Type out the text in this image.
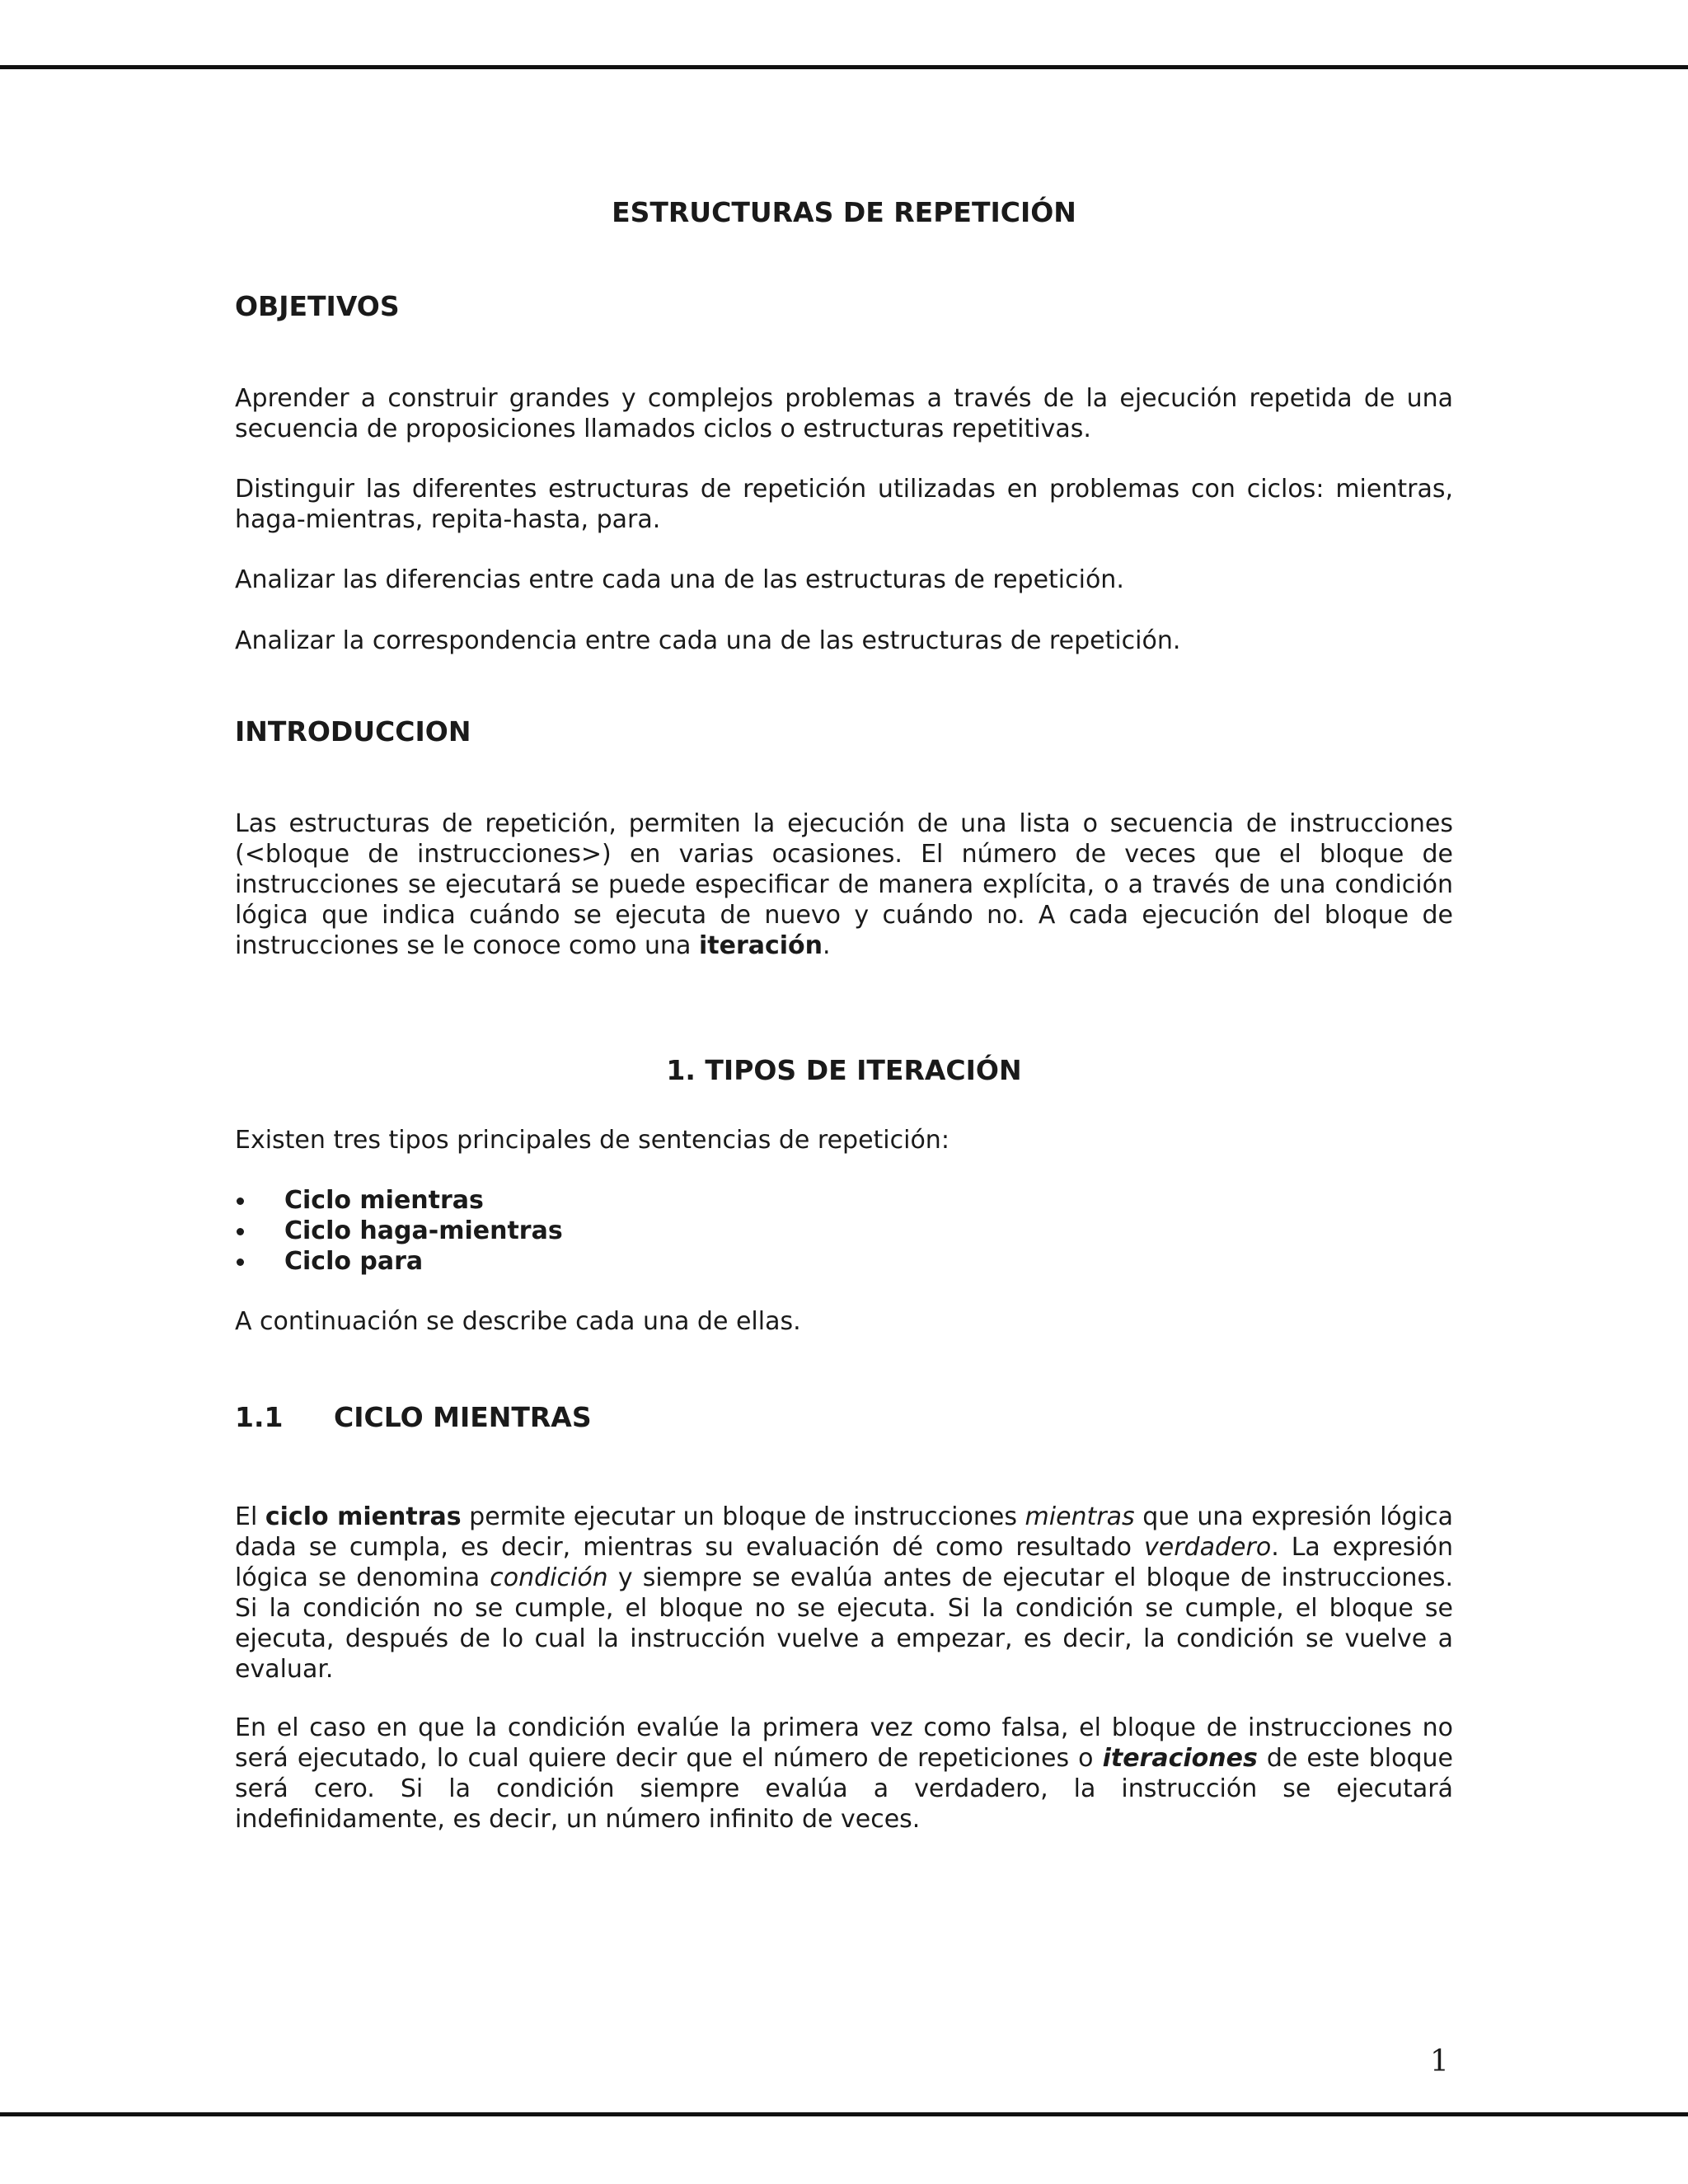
ESTRUCTURAS DE REPETICIÓN
OBJETIVOS

Aprender a construir grandes y complejos problemas a través de la ejecución repetida de una secuencia de proposiciones llamados ciclos o estructuras repetitivas.

Distinguir las diferentes estructuras de repetición utilizadas en problemas con ciclos: mientras, haga-mientras, repita-hasta, para.

Analizar las diferencias entre cada una de las estructuras de repetición.

Analizar la correspondencia entre cada una de las estructuras de repetición.

INTRODUCCION

Las estructuras de repetición, permiten la ejecución de una lista o secuencia de instrucciones (<bloque de instrucciones>) en varias ocasiones. El número de veces que el bloque de instrucciones se ejecutará se puede especificar de manera explícita, o a través de una condición lógica que indica cuándo se ejecuta de nuevo y cuándo no. A cada ejecución del bloque de instrucciones se le conoce como una iteración.

1. TIPOS DE ITERACIÓN

Existen tres tipos principales de sentencias de repetición:

Ciclo mientras
Ciclo haga-mientras
Ciclo para

A continuación se describe cada una de ellas.

1.1 CICLO MIENTRAS

El ciclo mientras permite ejecutar un bloque de instrucciones mientras que una expresión lógica dada se cumpla, es decir, mientras su evaluación dé como resultado verdadero. La expresión lógica se denomina condición y siempre se evalúa antes de ejecutar el bloque de instrucciones. Si la condición no se cumple, el bloque no se ejecuta. Si la condición se cumple, el bloque se ejecuta, después de lo cual la instrucción vuelve a empezar, es decir, la condición se vuelve a evaluar.

En el caso en que la condición evalúe la primera vez como falsa, el bloque de instrucciones no será ejecutado, lo cual quiere decir que el número de repeticiones o iteraciones de este bloque será cero. Si la condición siempre evalúa a verdadero, la instrucción se ejecutará indefinidamente, es decir, un número infinito de veces.

1
